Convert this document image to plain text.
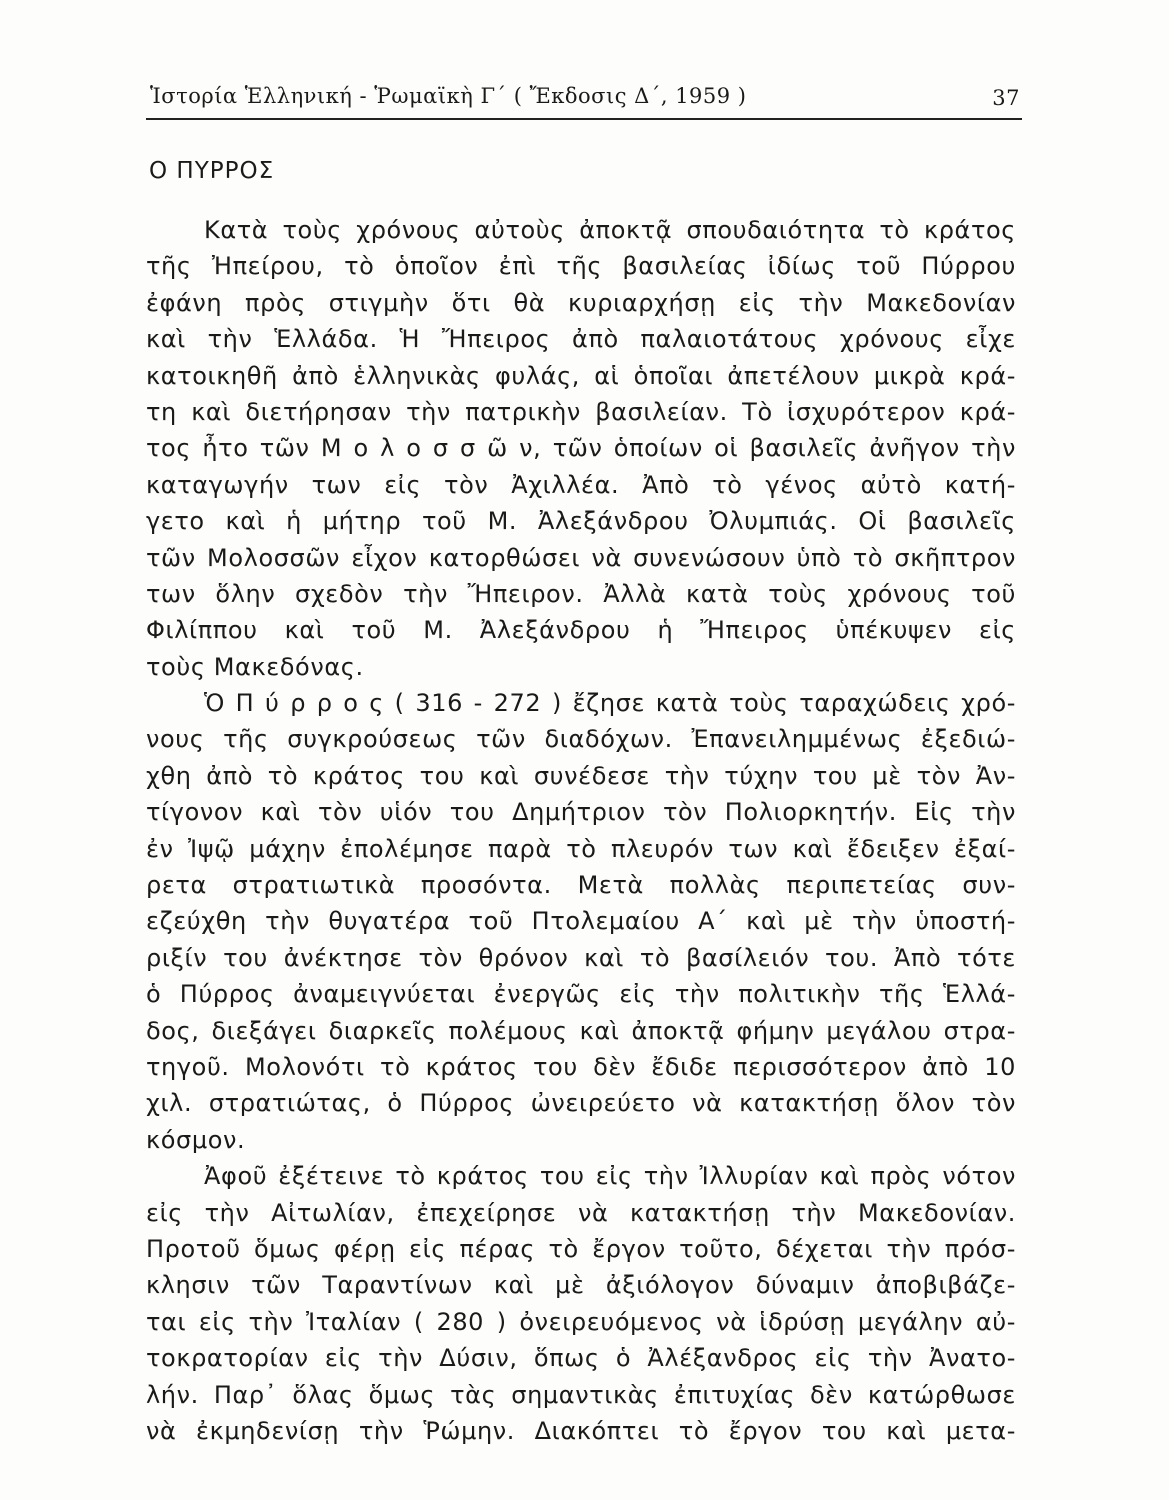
Ἱστορία Ἑλληνική - Ῥωμαϊκὴ Γ΄ ( Ἔκδοσις Δ΄, 1959 )	37
Ο ΠΥΡΡΟΣ
Κατὰ τοὺς χρόνους αὐτοὺς ἀποκτᾷ σπουδαιότητα τὸ κράτος
τῆς Ἠπείρου, τὸ ὁποῖον ἐπὶ τῆς βασιλείας ἰδίως τοῦ Πύρρου
ἐφάνη πρὸς στιγμὴν ὅτι θὰ κυριαρχήσῃ εἰς τὴν Μακεδονίαν
καὶ τὴν Ἑλλάδα. Ἡ Ἤπειρος ἀπὸ παλαιοτάτους χρόνους εἶχε
κατοικηθῆ ἀπὸ ἑλληνικὰς φυλάς, αἱ ὁποῖαι ἀπετέλουν μικρὰ κρά-
τη καὶ διετήρησαν τὴν πατρικὴν βασιλείαν. Τὸ ἰσχυρότερον κρά-
τος ἦτο τῶν Μ ο λ ο σ σ ῶ ν, τῶν ὁποίων οἱ βασιλεῖς ἀνῆγον τὴν
καταγωγήν των εἰς τὸν Ἀχιλλέα. Ἀπὸ τὸ γένος αὐτὸ κατή-
γετο καὶ ἡ μήτηρ τοῦ Μ. Ἀλεξάνδρου Ὀλυμπιάς. Οἱ βασιλεῖς
τῶν Μολοσσῶν εἶχον κατορθώσει νὰ συνενώσουν ὑπὸ τὸ σκῆπτρον
των ὅλην σχεδὸν τὴν Ἤπειρον. Ἀλλὰ κατὰ τοὺς χρόνους τοῦ
Φιλίππου καὶ τοῦ Μ. Ἀλεξάνδρου ἡ Ἤπειρος ὑπέκυψεν εἰς
τοὺς Μακεδόνας.
Ὁ Π ύ ρ ρ ο ς ( 316 - 272 ) ἔζησε κατὰ τοὺς ταραχώδεις χρό-
νους τῆς συγκρούσεως τῶν διαδόχων. Ἐπανειλημμένως ἐξεδιώ-
χθη ἀπὸ τὸ κράτος του καὶ συνέδεσε τὴν τύχην του μὲ τὸν Ἀν-
τίγονον καὶ τὸν υἱόν του Δημήτριον τὸν Πολιορκητήν. Εἰς τὴν
ἐν Ἰψῷ μάχην ἐπολέμησε παρὰ τὸ πλευρόν των καὶ ἔδειξεν ἐξαί-
ρετα στρατιωτικὰ προσόντα. Μετὰ πολλὰς περιπετείας συν-
εζεύχθη τὴν θυγατέρα τοῦ Πτολεμαίου Α΄ καὶ μὲ τὴν ὑποστή-
ριξίν του ἀνέκτησε τὸν θρόνον καὶ τὸ βασίλειόν του. Ἀπὸ τότε
ὁ Πύρρος ἀναμειγνύεται ἐνεργῶς εἰς τὴν πολιτικὴν τῆς Ἑλλά-
δος, διεξάγει διαρκεῖς πολέμους καὶ ἀποκτᾷ φήμην μεγάλου στρα-
τηγοῦ. Μολονότι τὸ κράτος του δὲν ἔδιδε περισσότερον ἀπὸ 10
χιλ. στρατιώτας, ὁ Πύρρος ὠνειρεύετο νὰ κατακτήσῃ ὅλον τὸν
κόσμον.
Ἀφοῦ ἐξέτεινε τὸ κράτος του εἰς τὴν Ἰλλυρίαν καὶ πρὸς νότον
εἰς τὴν Αἰτωλίαν, ἐπεχείρησε νὰ κατακτήσῃ τὴν Μακεδονίαν.
Προτοῦ ὅμως φέρῃ εἰς πέρας τὸ ἔργον τοῦτο, δέχεται τὴν πρόσ-
κλησιν τῶν Ταραντίνων καὶ μὲ ἀξιόλογον δύναμιν ἀποβιβάζε-
ται εἰς τὴν Ἰταλίαν ( 280 ) ὀνειρευόμενος νὰ ἱδρύσῃ μεγάλην αὐ-
τοκρατορίαν εἰς τὴν Δύσιν, ὅπως ὁ Ἀλέξανδρος εἰς τὴν Ἀνατο-
λήν. Παρ᾽ ὅλας ὅμως τὰς σημαντικὰς ἐπιτυχίας δὲν κατώρθωσε
νὰ ἐκμηδενίσῃ τὴν Ῥώμην. Διακόπτει τὸ ἔργον του καὶ μετα-
